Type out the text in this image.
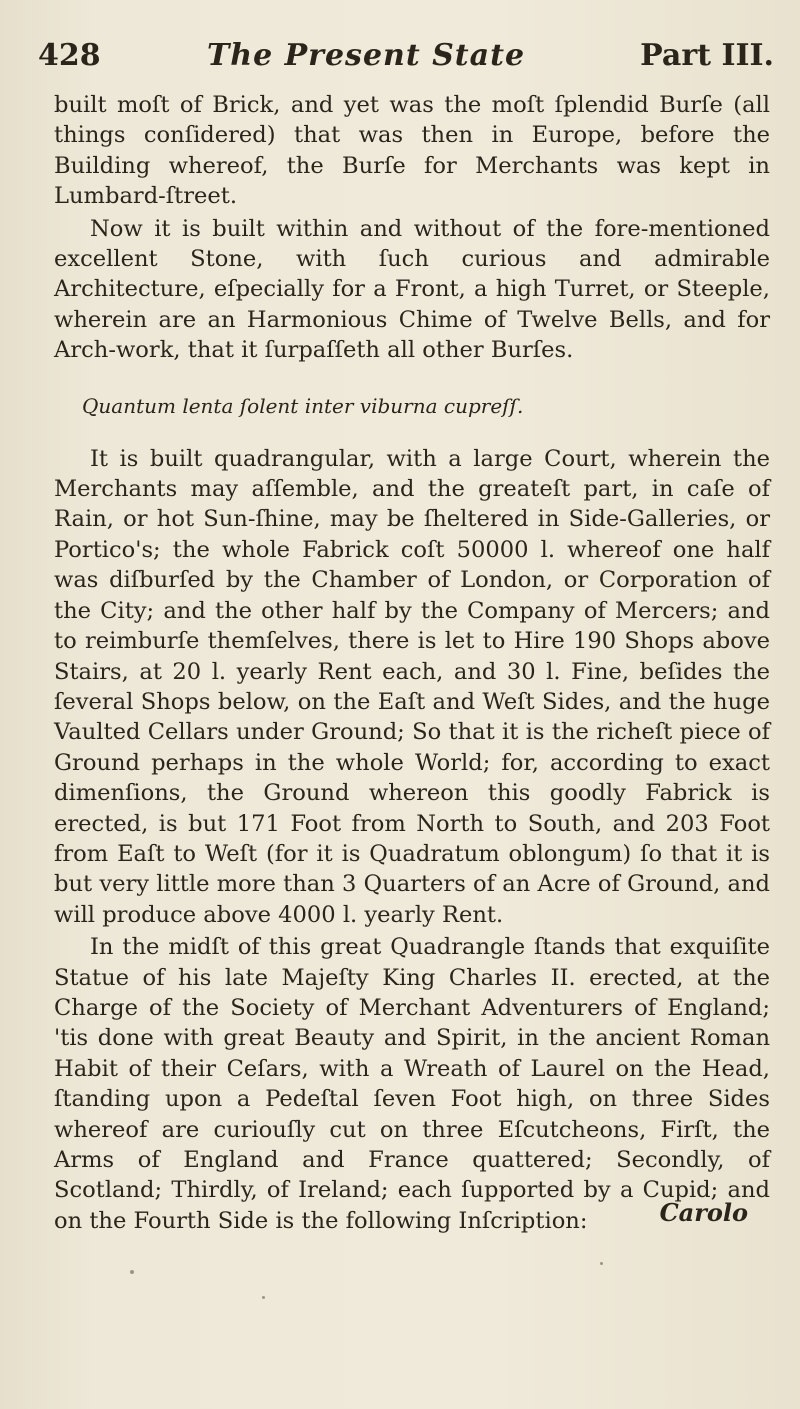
428	The Present State	Part III.

built moſt of Brick, and yet was the moſt ſplendid Burſe (all things conſidered) that was then in Europe, before the Building whereof, the Burſe for Merchants was kept in Lumbard-ſtreet.

Now it is built within and without of the fore-mentioned excellent Stone, with ſuch curious and admirable Architecture, eſpecially for a Front, a high Turret, or Steeple, wherein are an Harmonious Chime of Twelve Bells, and for Arch-work, that it ſurpaſſeth all other Burſes.

Quantum lenta ſolent inter viburna cupreſſ.

It is built quadrangular, with a large Court, wherein the Merchants may aſſemble, and the greateſt part, in caſe of Rain, or hot Sun-ſhine, may be ſheltered in Side-Galleries, or Portico's; the whole Fabrick coſt 50000 l. whereof one half was diſburſed by the Chamber of London, or Corporation of the City; and the other half by the Company of Mercers; and to reimburſe themſelves, there is let to Hire 190 Shops above Stairs, at 20 l. yearly Rent each, and 30 l. Fine, beſides the ſeveral Shops below, on the Eaſt and Weſt Sides, and the huge Vaulted Cellars under Ground; So that it is the richeſt piece of Ground perhaps in the whole World; for, according to exact dimenſions, the Ground whereon this goodly Fabrick is erected, is but 171 Foot from North to South, and 203 Foot from Eaſt to Weſt (for it is Quadratum oblongum) ſo that it is but very little more than 3 Quarters of an Acre of Ground, and will produce above 4000 l. yearly Rent.

In the midſt of this great Quadrangle ſtands that exquiſite Statue of his late Majeſty King Charles II. erected, at the Charge of the Society of Merchant Adventurers of England; 'tis done with great Beauty and Spirit, in the ancient Roman Habit of their Ceſars, with a Wreath of Laurel on the Head, ſtanding upon a Pedeſtal ſeven Foot high, on three Sides whereof are curiouſly cut on three Eſcutcheons, Firſt, the Arms of England and France quattered; Secondly, of Scotland; Thirdly, of Ireland; each ſupported by a Cupid; and on the Fourth Side is the following Inſcription:	Carolo
